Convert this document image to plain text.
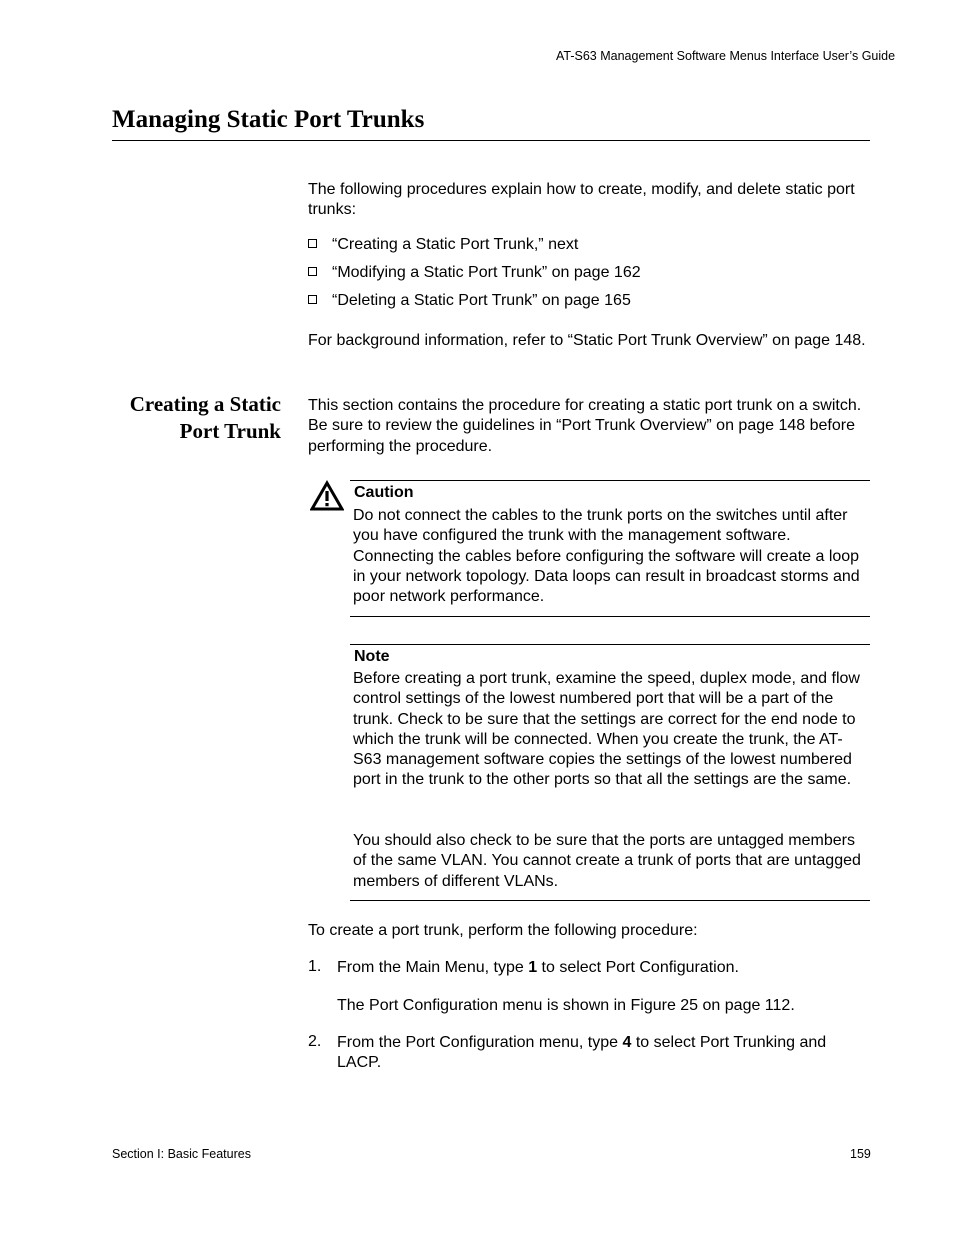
AT-S63 Management Software Menus Interface User’s Guide
Managing Static Port Trunks

The following procedures explain how to create, modify, and delete static port trunks:

“Creating a Static Port Trunk,” next
“Modifying a Static Port Trunk” on page 162
“Deleting a Static Port Trunk” on page 165

For background information, refer to “Static Port Trunk Overview” on page 148.

Creating a Static
Port Trunk

This section contains the procedure for creating a static port trunk on a switch. Be sure to review the guidelines in “Port Trunk Overview” on page 148 before performing the procedure.

Caution

Do not connect the cables to the trunk ports on the switches until after you have configured the trunk with the management software. Connecting the cables before configuring the software will create a loop in your network topology. Data loops can result in broadcast storms and poor network performance.

Note

Before creating a port trunk, examine the speed, duplex mode, and flow control settings of the lowest numbered port that will be a part of the trunk. Check to be sure that the settings are correct for the end node to which the trunk will be connected. When you create the trunk, the AT-S63 management software copies the settings of the lowest numbered port in the trunk to the other ports so that all the settings are the same.

You should also check to be sure that the ports are untagged members of the same VLAN. You cannot create a trunk of ports that are untagged members of different VLANs.

To create a port trunk, perform the following procedure:

1. From the Main Menu, type 1 to select Port Configuration.

The Port Configuration menu is shown in Figure 25 on page 112.

2. From the Port Configuration menu, type 4 to select Port Trunking and LACP.

Section I: Basic Features	159
